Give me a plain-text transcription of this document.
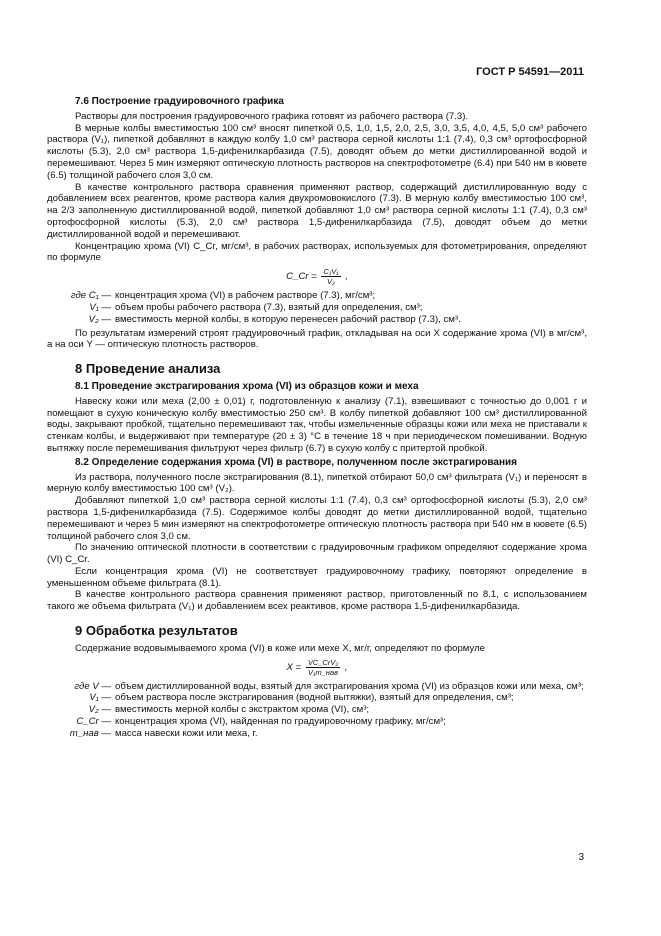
ГОСТ Р 54591—2011
7.6 Построение градуировочного графика

Растворы для построения градуировочного графика готовят из рабочего раствора (7.3).

В мерные колбы вместимостью 100 см³ вносят пипеткой 0,5, 1,0, 1,5, 2,0, 2,5, 3,0, 3,5, 4,0, 4,5, 5,0 см³ рабочего раствора (V₁), пипеткой добавляют в каждую колбу 1,0 см³ раствора серной кислоты 1:1 (7.4), 0,3 см³ ортофосфорной кислоты (5.3), 2,0 см³ раствора 1,5-дифенилкарбазида (7.5), доводят объем до метки дистиллированной водой и перемешивают. Через 5 мин измеряют оптическую плотность растворов на спектрофотометре (6.4) при 540 нм в кювете (6.5) толщиной рабочего слоя 3,0 см.

В качестве контрольного раствора сравнения применяют раствор, содержащий дистиллированную воду с добавлением всех реагентов, кроме раствора калия двухромовокислого (7.3). В мерную колбу вместимостью 100 см³, на 2/3 заполненную дистиллированной водой, пипеткой добавляют 1,0 см³ раствора серной кислоты 1:1 (7.4), 0,3 см³ ортофосфорной кислоты (5.3), 2,0 см³ раствора 1,5-дифенилкарбазида (7.5), доводят объем до метки дистиллированной водой и перемешивают.

Концентрацию хрома (VI) C_Cr, мг/см³, в рабочих растворах, используемых для фотометрирования, определяют по формуле

C_Cr = $\frac{\text{C₁V₁}}{\text{V₂}}$ ,
где C₁ — концентрация хрома (VI) в рабочем растворе (7.3), мг/см³;
V₁ — объем пробы рабочего раствора (7.3), взятый для определения, см³;
V₂ — вместимость мерной колбы, в которую перенесен рабочий раствор (7.3), см³.

По результатам измерений строят градуировочный график, откладывая на оси X содержание хрома (VI) в мг/см³, а на оси Y — оптическую плотность растворов.

8 Проведение анализа
8.1 Проведение экстрагирования хрома (VI) из образцов кожи и меха

Навеску кожи или меха (2,00 ± 0,01) г, подготовленную к анализу (7.1), взвешивают с точностью до 0,001 г и помещают в сухую коническую колбу вместимостью 250 см³. В колбу пипеткой добавляют 100 см³ дистиллированной воды, закрывают пробкой, тщательно перемешивают так, чтобы измельченные образцы кожи или меха не приставали к стенкам колбы, и выдерживают при температуре (20 ± 3) °С в течение 18 ч при периодическом помешивании. Водную вытяжку после перемешивания фильтруют через фильтр (6.7) в сухую колбу с притертой пробкой.

8.2 Определение содержания хрома (VI) в растворе, полученном после экстрагирования

Из раствора, полученного после экстрагирования (8.1), пипеткой отбирают 50,0 см³ фильтрата (V₁) и переносят в мерную колбу вместимостью 100 см³ (V₂).

Добавляют пипеткой 1,0 см³ раствора серной кислоты 1:1 (7.4), 0,3 см³ ортофосфорной кислоты (5.3), 2,0 см³ раствора 1,5-дифенилкарбазида (7.5). Содержимое колбы доводят до метки дистиллированной водой, тщательно перемешивают и через 5 мин измеряют на спектрофотометре оптическую плотность раствора при 540 нм в кювете (6.5) толщиной рабочего слоя 3,0 см.

По значению оптической плотности в соответствии с градуировочным графиком определяют содержание хрома (VI) C_Cr.

Если концентрация хрома (VI) не соответствует градуировочному графику, повторяют определение в уменьшенном объеме фильтрата (8.1).

В качестве контрольного раствора сравнения применяют раствор, приготовленный по 8.1, с использованием такого же объема фильтрата (V₁) и добавлением всех реактивов, кроме раствора 1,5-дифенилкарбазида.

9 Обработка результатов

Содержание водовымываемого хрома (VI) в коже или мехе X, мг/г, определяют по формуле

$X = \frac{\text{VC\_CrV₂}}{\text{V₁m\_нав}}$ ,
где V — объем дистиллированной воды, взятый для экстрагирования хрома (VI) из образцов кожи или меха, см³;
V₁ — объем раствора после экстрагирования (водной вытяжки), взятый для определения, см³;
V₂ — вместимость мерной колбы с экстрактом хрома (VI), см³;
C_Cr — концентрация хрома (VI), найденная по градуировочному графику, мг/см³;
m_нав — масса навески кожи или меха, г.
3
